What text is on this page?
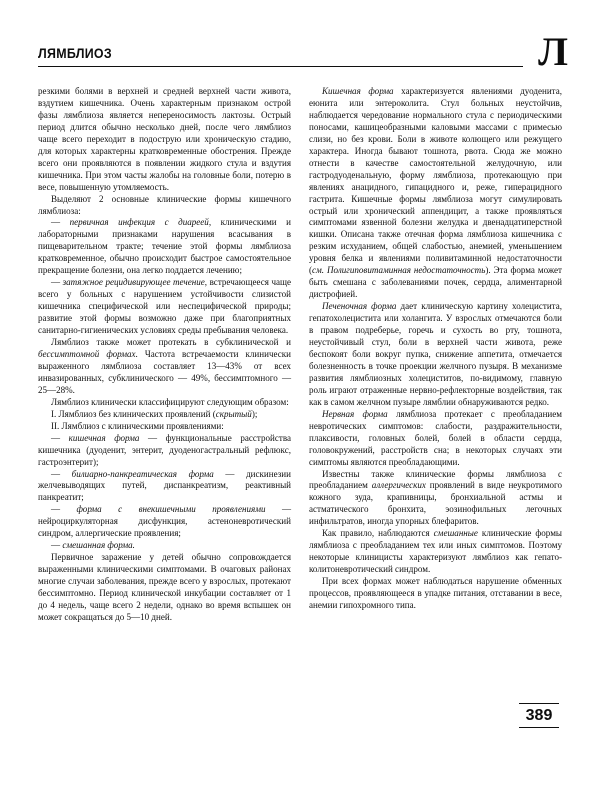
ЛЯМБЛИОЗ	Л

резкими болями в верхней и средней верхней части живота, вздутием кишечника. Очень характерным признаком острой фазы лямблиоза является непереносимость лактозы. Острый период длится обычно несколько дней, после чего лямблиоз чаще всего переходит в подострую или хроническую стадию, для которых характерны кратковременные обострения. Прежде всего они проявляются в появлении жидкого стула и вздутия кишечника. При этом часты жалобы на головные боли, потерю в весе, повышенную утомляемость.

Выделяют 2 основные клинические формы кишечного лямблиоза:

— первичная инфекция с диареей, клиническими и лабораторными признаками нарушения всасывания в пищеварительном тракте; течение этой формы лямблиоза кратковременное, обычно происходит быстрое самостоятельное прекращение болезни, она легко поддается лечению;

— затяжное рецидивирующее течение, встречающееся чаще всего у больных с нарушением устойчивости слизистой кишечника специфической или неспецифической природы; развитие этой формы возможно даже при благоприятных санитарно-гигиенических условиях среды пребывания человека.

Лямблиоз также может протекать в субклинической и бессимптомной формах. Частота встречаемости клинически выраженного лямблиоза составляет 13—43% от всех инвазированных, субклинического — 49%, бессимптомного — 25—28%.

Лямблиоз клинически классифицируют следующим образом:

I. Лямблиоз без клинических проявлений (скрытый);

II. Лямблиоз с клиническими проявлениями:

— кишечная форма — функциональные расстройства кишечника (дуоденит, энтерит, дуоденогастральный рефлюкс, гастроэнтерит);

— билиарно-панкреатическая форма — дискинезии желчевыводящих путей, диспанкреатизм, реактивный панкреатит;

— форма с внекишечными проявлениями — нейроциркуляторная дисфункция, астеноневротический синдром, аллергические проявления;

— смешанная форма.

Первичное заражение у детей обычно сопровождается выраженными клиническими симптомами. В очаговых районах многие случаи заболевания, прежде всего у взрослых, протекают бессимптомно. Период клинической инкубации составляет от 1 до 4 недель, чаще всего 2 недели, однако во время вспышек он может сокращаться до 5—10 дней.

Кишечная форма характеризуется явлениями дуоденита, еюнита или энтероколита. Стул больных неустойчив, наблюдается чередование нормального стула с периодическими поносами, кашицеобразными каловыми массами с примесью слизи, но без крови. Боли в животе колющего или режущего характера. Иногда бывают тошнота, рвота. Сюда же можно отнести в качестве самостоятельной желудочную, или гастродуоденальную, форму лямблиоза, протекающую при явлениях анацидного, гипацидного и, реже, гиперацидного гастрита. Кишечные формы лямблиоза могут симулировать острый или хронический аппендицит, а также проявляться симптомами язвенной болезни желудка и двенадцатиперстной кишки. Описана также отечная форма лямблиоза кишечника с резким исхуданием, общей слабостью, анемией, уменьшением уровня белка и явлениями поливитаминной недостаточности (см. Полигиповитаминная недостаточность). Эта форма может быть смешана с заболеваниями почек, сердца, алиментарной дистрофией.

Печеночная форма дает клиническую картину холецистита, гепатохолецистита или холангита. У взрослых отмечаются боли в правом подреберье, горечь и сухость во рту, тошнота, неустойчивый стул, боли в верхней части живота, реже беспокоят боли вокруг пупка, снижение аппетита, отмечается болезненность в точке проекции желчного пузыря. В механизме развития лямблиозных холециститов, по-видимому, главную роль играют отраженные нервно-рефлекторные воздействия, так как в самом желчном пузыре лямблии обнаруживаются редко.

Нервная форма лямблиоза протекает с преобладанием невротических симптомов: слабости, раздражительности, плаксивости, головных болей, болей в области сердца, головокружений, расстройств сна; в некоторых случаях эти симптомы являются преобладающими.

Известны также клинические формы лямблиоза с преобладанием аллергических проявлений в виде неукротимого кожного зуда, крапивницы, бронхиальной астмы и астматического бронхита, эозинофильных легочных инфильтратов, иногда упорных блефаритов.

Как правило, наблюдаются смешанные клинические формы лямблиоза с преобладанием тех или иных симптомов. Поэтому некоторые клиницисты характеризуют лямблиоз как гепато-колитоневротический синдром.

При всех формах может наблюдаться нарушение обменных процессов, проявляющееся в упадке питания, отставании в весе, анемии гипохромного типа.

389
